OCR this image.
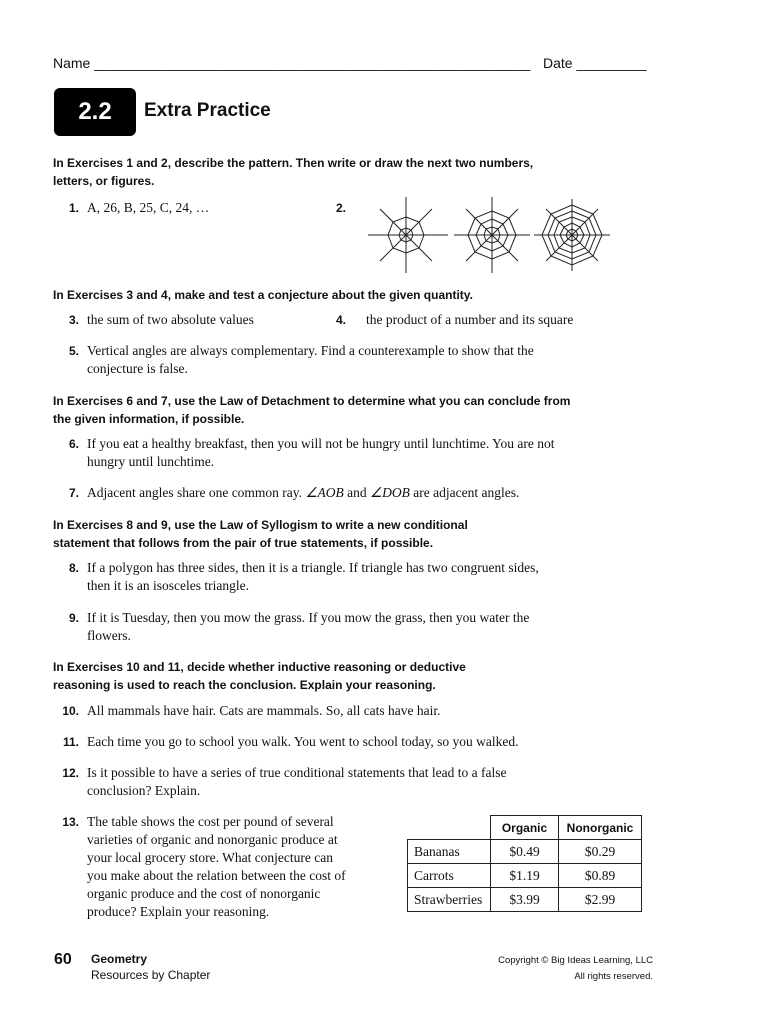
Name ________________________________________________________ Date _________
2.2	Extra Practice
In Exercises 1 and 2, describe the pattern. Then write or draw the next two numbers, letters, or figures.
1. A, 26, B, 25, C, 24, …	2.
In Exercises 3 and 4, make and test a conjecture about the given quantity.
3. the sum of two absolute values	4. the product of a number and its square
5. Vertical angles are always complementary. Find a counterexample to show that the conjecture is false.
In Exercises 6 and 7, use the Law of Detachment to determine what you can conclude from the given information, if possible.
6. If you eat a healthy breakfast, then you will not be hungry until lunchtime. You are not hungry until lunchtime.
7. Adjacent angles share one common ray. ∠AOB and ∠DOB are adjacent angles.
In Exercises 8 and 9, use the Law of Syllogism to write a new conditional statement that follows from the pair of true statements, if possible.
8. If a polygon has three sides, then it is a triangle. If triangle has two congruent sides, then it is an isosceles triangle.
9. If it is Tuesday, then you mow the grass. If you mow the grass, then you water the flowers.
In Exercises 10 and 11, decide whether inductive reasoning or deductive reasoning is used to reach the conclusion. Explain your reasoning.
10. All mammals have hair. Cats are mammals. So, all cats have hair.
11. Each time you go to school you walk. You went to school today, so you walked.
12. Is it possible to have a series of true conditional statements that lead to a false conclusion? Explain.
13. The table shows the cost per pound of several varieties of organic and nonorganic produce at your local grocery store. What conjecture can you make about the relation between the cost of organic produce and the cost of nonorganic produce? Explain your reasoning.
	Organic	Nonorganic
Bananas	$0.49	$0.29
Carrots	$1.19	$0.89
Strawberries	$3.99	$2.99
60 Geometry
Resources by Chapter
Copyright © Big Ideas Learning, LLC
All rights reserved.
